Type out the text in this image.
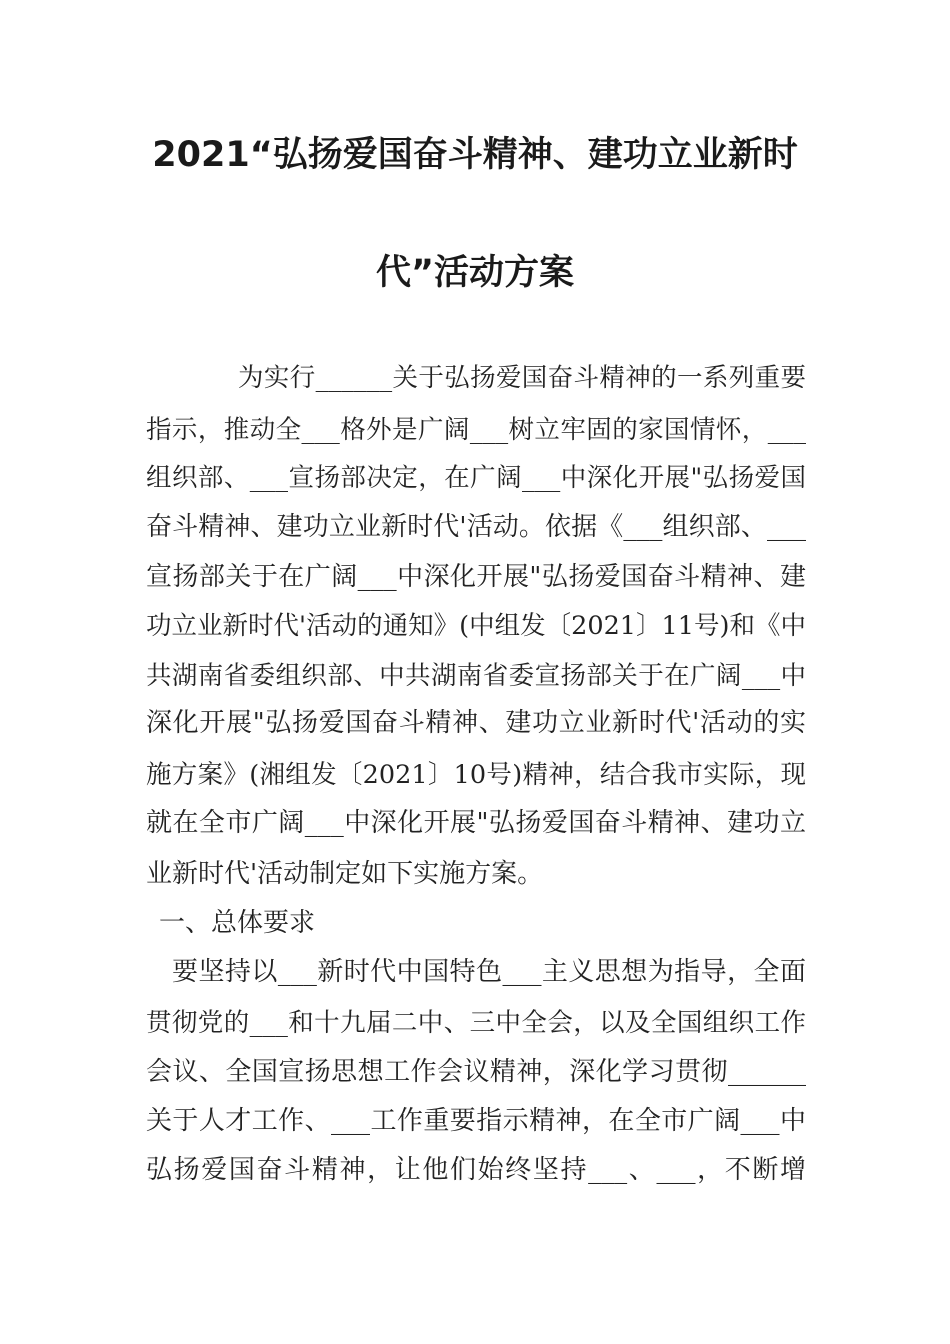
2021“弘扬爱国奋斗精神、建功立业新时
代”活动方案
为实行______关于弘扬爱国奋斗精神的一系列重要
指示，推动全___格外是广阔___树立牢固的家国情怀，___
组织部、___宣扬部决定，在广阔___中深化开展"弘扬爱国
奋斗精神、建功立业新时代'活动。依据《___组织部、___
宣扬部关于在广阔___中深化开展"弘扬爱国奋斗精神、建
功立业新时代'活动的通知》(中组发〔2021〕11号)和《中
共湖南省委组织部、中共湖南省委宣扬部关于在广阔___中
深化开展"弘扬爱国奋斗精神、建功立业新时代'活动的实
施方案》(湘组发〔2021〕10号)精神，结合我市实际，现
就在全市广阔___中深化开展"弘扬爱国奋斗精神、建功立
业新时代'活动制定如下实施方案。
一、总体要求
要坚持以___新时代中国特色___主义思想为指导，全面
贯彻党的___和十九届二中、三中全会，以及全国组织工作
会议、全国宣扬思想工作会议精神，深化学习贯彻______
关于人才工作、___工作重要指示精神，在全市广阔___中
弘扬爱国奋斗精神，让他们始终坚持___、___，不断增
